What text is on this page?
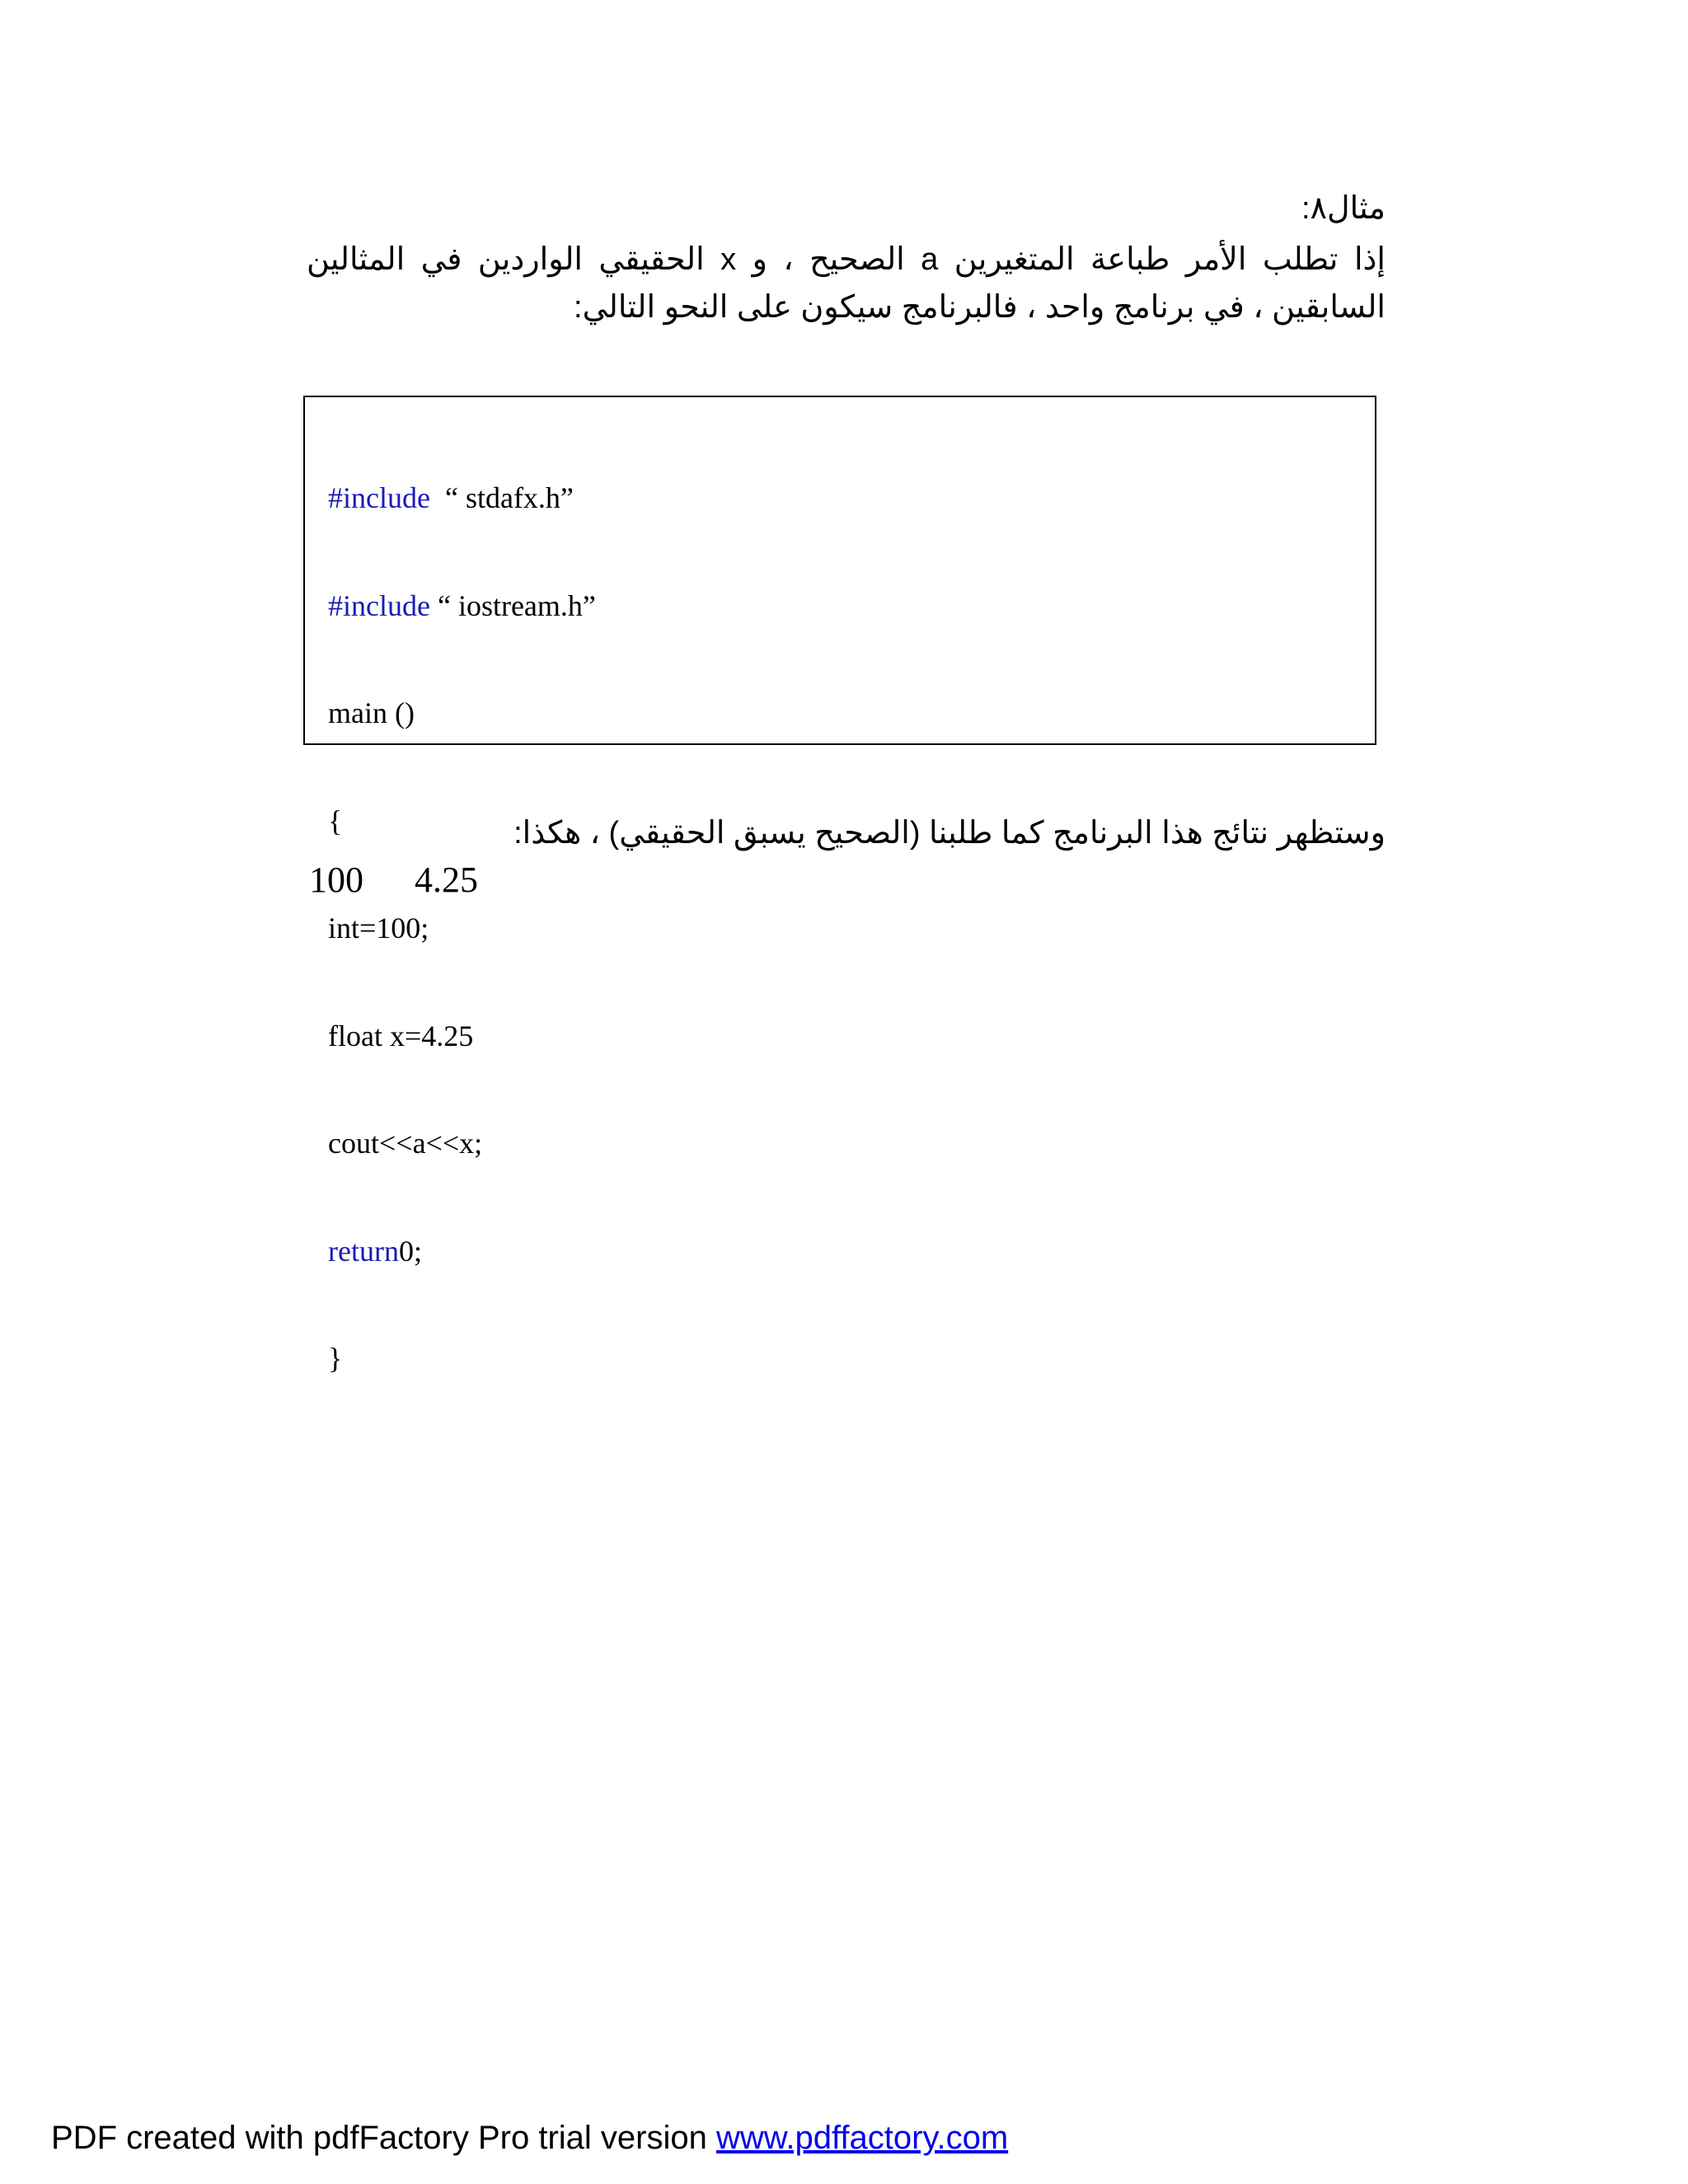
مثال٨:
إذا تطلب الأمر طباعة المتغيرين a الصحيح ، و x الحقيقي الواردين في المثالين
السابقين ، في برنامج واحد ، فالبرنامج سيكون على النحو التالي:

#include  “ stdafx.h”

#include “ iostream.h”

main ()

{

int=100;

float x=4.25

cout<<a<<x;

return0;

}

وستظهر نتائج هذا البرنامج كما طلبنا (الصحيح يسبق الحقيقي) ، هكذا:
100 4.25
PDF created with pdfFactory Pro trial version www.pdffactory.com
